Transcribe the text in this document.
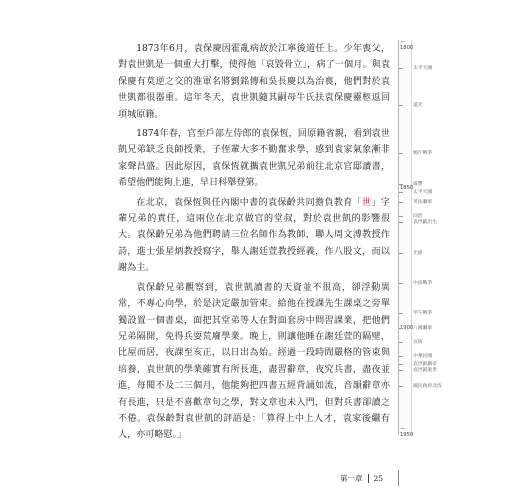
1873年6月，袁保慶因霍亂病故於江寧後道任上。少年喪父，對袁世凱是一個重大打擊，使得他「哀毀骨立」，病了一個月。與袁保慶有莫逆之交的淮軍名將劉銘傳和吳長慶以為治喪，他們對於袁世凱都很器重。這年冬天，袁世凱隨其嗣母牛氏扶袁保慶靈柩返回項城原籍。

1874年春，官至戶部左侍郎的袁保恆，回原籍省親，看到袁世凱兄弟缺乏良師授業，子侄輩大多不勤奮求學，感到袁家氣象漸非家聲昌盛。因此原因，袁保恆就攜袁世凱兄弟前往北京官邸讀書，希望他們能夠上進，早日科舉登第。

在北京，袁保恆與任內閣中書的袁保齡共同擔負教育「世」字輩兄弟的責任，這兩位在北京做官的堂叔，對於袁世凱的影響很大。袁保齡兄弟為他們聘請三位名師作為教師，聯人周文溥教授作詩，進士張星炳教授寫字，舉人謝廷萱教授經義，作八股文，而以謝為主。

袁保齡兄弟觀察到，袁世凱讀書的天資並不很高，卻浮動異常，不專心向學，於是決定嚴加管束。給他在授課先生課桌之旁單獨設置一個書桌，面把其堂弟等人在對面套房中問習課業，把他們兄弟隔開，免得兵耍荒廢學業。晚上，則讓他睡在謝廷萱的隔壁，比屋而居，夜課至亥正，以日出為始。經過一段時間嚴格的管束與培養，袁世凱的學業確實有所長進，盡習辭章，夜究兵書，盡夜並進，每閱不及二三個月，他能夠把四書五經背誦如流，音韻辭章亦有長進，只是不喜歡章句之學，對文章也未入門，但對兵書卻讀之不倦。袁保齡對袁世凱的評語是：「算得上中上人才，袁家後繼有人，亦可略慰。」

— 1800
1850
1900
— 1950
太平天國
道光
鴉片戰爭
咸豐
太平天國
英法聯軍
同治
袁世凱出生
光緒
中法戰爭
甲午戰爭
八國聯軍
宣統
中華民國
袁世凱稱帝
袁世凱逝世
國民政府北伐
第一章 25
